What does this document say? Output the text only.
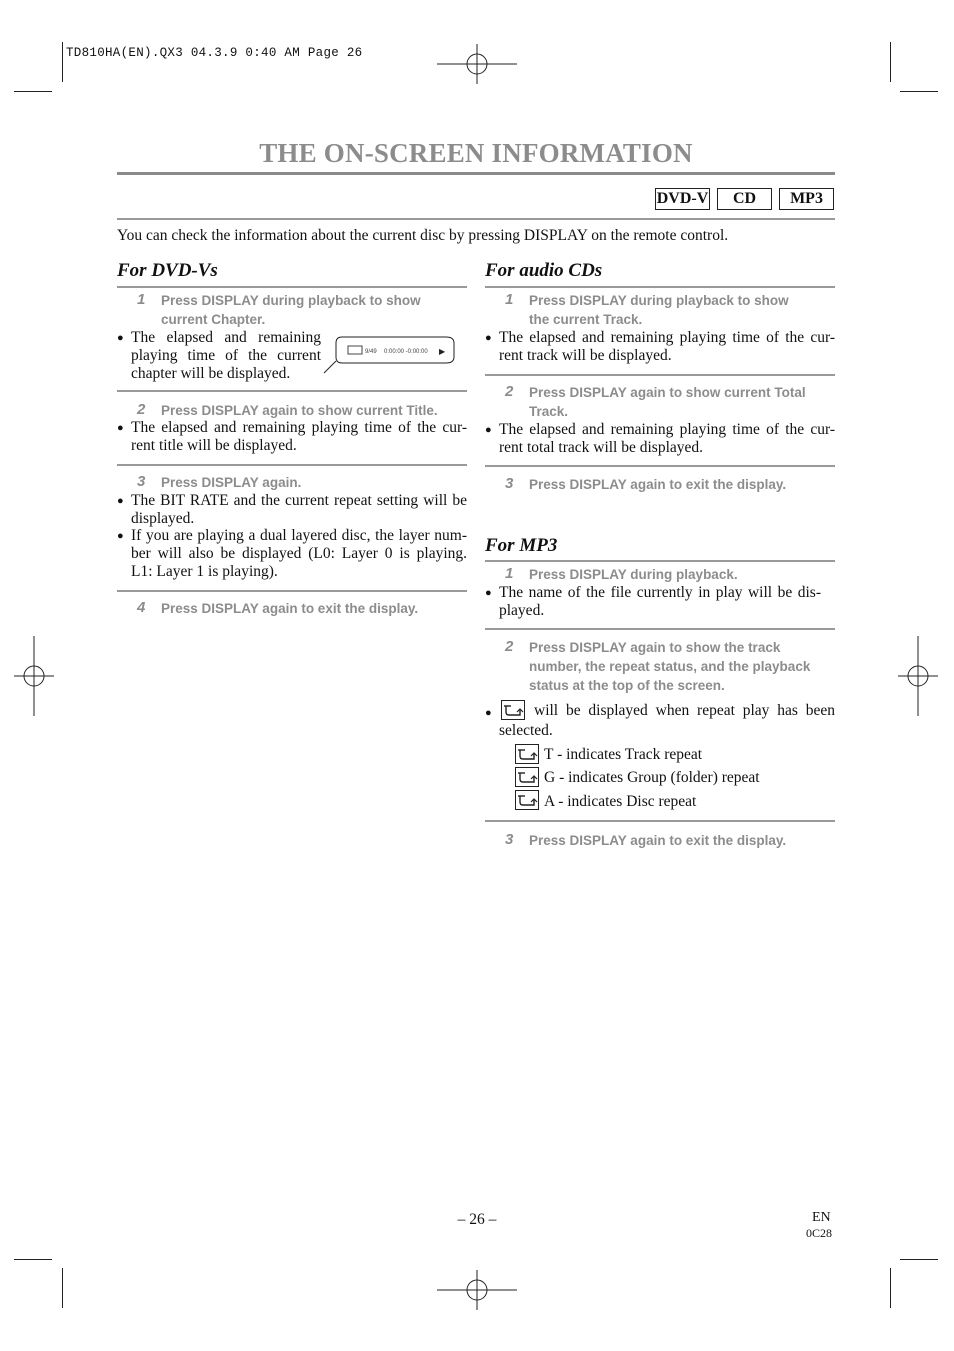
TD810HA(EN).QX3 04.3.9 0:40 AM Page 26
THE ON-SCREEN INFORMATION
DVD-V	CD	MP3
You can check the information about the current disc by pressing DISPLAY on the remote control.
For DVD-Vs
1 Press DISPLAY during playback to show
current Chapter.
● The elapsed and remaining
playing time of the current
chapter will be displayed.
9/49 0:00:00 -0:00:00 ▶
2 Press DISPLAY again to show current Title.
● The elapsed and remaining playing time of the cur-
rent title will be displayed.
3 Press DISPLAY again.
● The BIT RATE and the current repeat setting will be
displayed.
● If you are playing a dual layered disc, the layer num-
ber will also be displayed (L0: Layer 0 is playing.
L1: Layer 1 is playing).
4 Press DISPLAY again to exit the display.
For audio CDs
1 Press DISPLAY during playback to show
the current Track.
● The elapsed and remaining playing time of the cur-
rent track will be displayed.
2 Press DISPLAY again to show current Total
Track.
● The elapsed and remaining playing time of the cur-
rent total track will be displayed.
3 Press DISPLAY again to exit the display.
For MP3
1 Press DISPLAY during playback.
● The name of the file currently in play will be dis-
played.
2 Press DISPLAY again to show the track
number, the repeat status, and the playback
status at the top of the screen.
●	will be displayed when repeat play has been
selected.
T - indicates Track repeat
G - indicates Group (folder) repeat
A - indicates Disc repeat
3 Press DISPLAY again to exit the display.
– 26 –	EN
0C28
